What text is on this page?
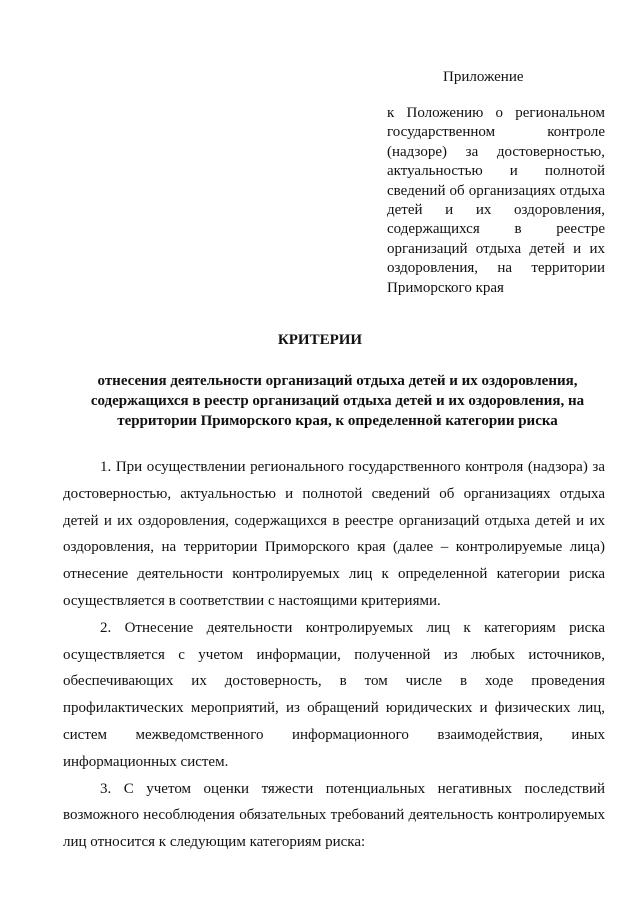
Приложение
к Положению о региональном государственном контроле (надзоре) за достоверностью, актуальностью и полнотой сведений об организациях отдыха детей и их оздоровления, содержащихся в реестре организаций отдыха детей и их оздоровления, на территории Приморского края
КРИТЕРИИ
отнесения деятельности организаций отдыха детей и их оздоровления, содержащихся в реестр организаций отдыха детей и их оздоровления, на территории Приморского края, к определенной категории риска

1. При осуществлении регионального государственного контроля (надзора) за достоверностью, актуальностью и полнотой сведений об организациях отдыха детей и их оздоровления, содержащихся в реестре организаций отдыха детей и их оздоровления, на территории Приморского края (далее – контролируемые лица) отнесение деятельности контролируемых лиц к определенной категории риска осуществляется в соответствии с настоящими критериями.

2. Отнесение деятельности контролируемых лиц к категориям риска осуществляется с учетом информации, полученной из любых источников, обеспечивающих их достоверность, в том числе в ходе проведения профилактических мероприятий, из обращений юридических и физических лиц, систем межведомственного информационного взаимодействия, иных информационных систем.

3. С учетом оценки тяжести потенциальных негативных последствий возможного несоблюдения обязательных требований деятельность контролируемых лиц относится к следующим категориям риска:
